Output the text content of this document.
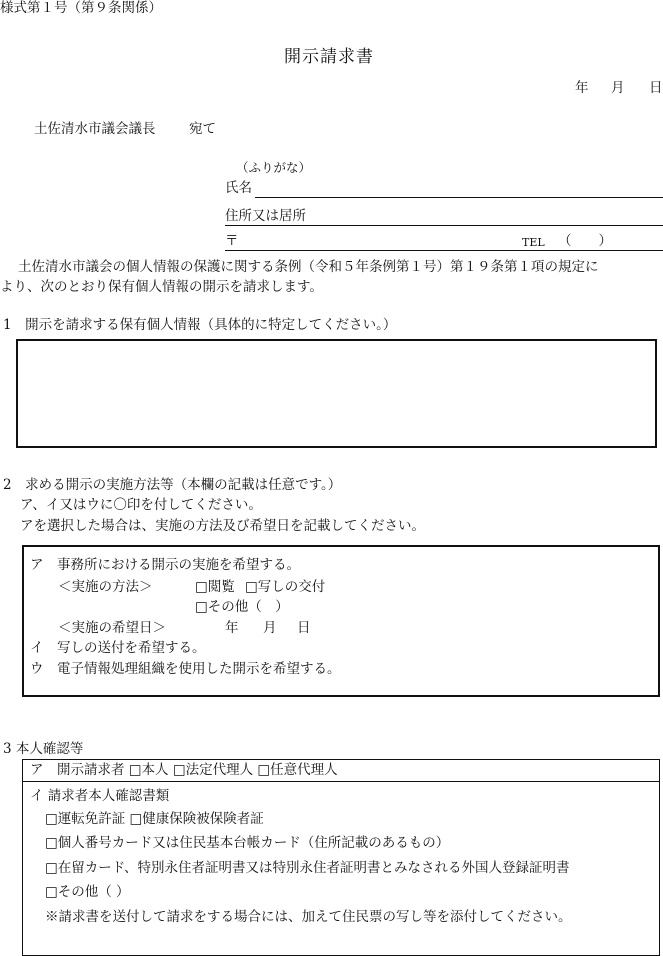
様式第１号（第９条関係）
開示請求書
年 月 日
土佐清水市議会議長 宛て
（ふりがな）
氏名
住所又は居所
〒	TEL （　　）
土佐清水市議会の個人情報の保護に関する条例（令和５年条例第１号）第１９条第１項の規定に
より、次のとおり保有個人情報の開示を請求します。
1　開示を請求する保有個人情報（具体的に特定してください。）
2　求める開示の実施方法等（本欄の記載は任意です。）
ア、イ又はウに〇印を付してください。
アを選択した場合は、実施の方法及び希望日を記載してください。
ア　事務所における開示の実施を希望する。
＜実施の方法＞	□閲覧 □写しの交付
□その他（　）
＜実施の希望日＞	年 月 日
イ　写しの送付を希望する。
ウ　電子情報処理組織を使用した開示を希望する。
3 本人確認等
ア　開示請求者 □本人 □法定代理人 □任意代理人
イ 請求者本人確認書類
□運転免許証 □健康保険被保険者証
□個人番号カード又は住民基本台帳カード（住所記載のあるもの）
□在留カード、特別永住者証明書又は特別永住者証明書とみなされる外国人登録証明書
□その他（ ）
※請求書を送付して請求をする場合には、加えて住民票の写し等を添付してください。
